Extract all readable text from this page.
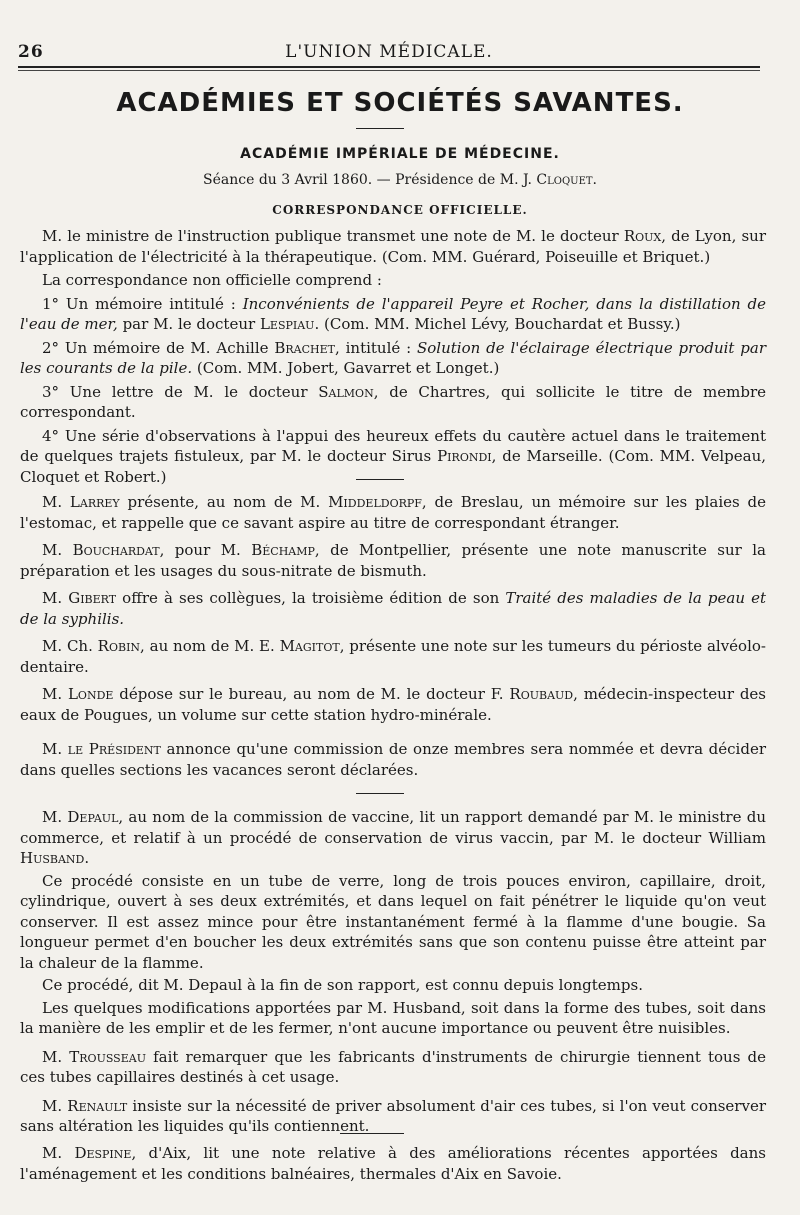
26	L'UNION MÉDICALE.
ACADÉMIES ET SOCIÉTÉS SAVANTES.
ACADÉMIE IMPÉRIALE DE MÉDECINE.
Séance du 3 Avril 1860. — Présidence de M. J. Cloquet.
CORRESPONDANCE OFFICIELLE.

M. le ministre de l'instruction publique transmet une note de M. le docteur Roux, de Lyon, sur l'application de l'électricité à la thérapeutique. (Com. MM. Guérard, Poiseuille et Briquet.)

La correspondance non officielle comprend :

1° Un mémoire intitulé : Inconvénients de l'appareil Peyre et Rocher, dans la distillation de l'eau de mer, par M. le docteur Lespiau. (Com. MM. Michel Lévy, Bouchardat et Bussy.)

2° Un mémoire de M. Achille Brachet, intitulé : Solution de l'éclairage électrique produit par les courants de la pile. (Com. MM. Jobert, Gavarret et Longet.)

3° Une lettre de M. le docteur Salmon, de Chartres, qui sollicite le titre de membre correspondant.

4° Une série d'observations à l'appui des heureux effets du cautère actuel dans le traitement de quelques trajets fistuleux, par M. le docteur Sirus Pirondi, de Marseille. (Com. MM. Velpeau, Cloquet et Robert.)

M. Larrey présente, au nom de M. Middeldorpf, de Breslau, un mémoire sur les plaies de l'estomac, et rappelle que ce savant aspire au titre de correspondant étranger.

M. Bouchardat, pour M. Béchamp, de Montpellier, présente une note manuscrite sur la préparation et les usages du sous-nitrate de bismuth.

M. Gibert offre à ses collègues, la troisième édition de son Traité des maladies de la peau et de la syphilis.

M. Ch. Robin, au nom de M. E. Magitot, présente une note sur les tumeurs du périoste alvéolo-dentaire.

M. Londe dépose sur le bureau, au nom de M. le docteur F. Roubaud, médecin-inspecteur des eaux de Pougues, un volume sur cette station hydro-minérale.

M. le Président annonce qu'une commission de onze membres sera nommée et devra décider dans quelles sections les vacances seront déclarées.

M. Depaul, au nom de la commission de vaccine, lit un rapport demandé par M. le ministre du commerce, et relatif à un procédé de conservation de virus vaccin, par M. le docteur William Husband.

Ce procédé consiste en un tube de verre, long de trois pouces environ, capillaire, droit, cylindrique, ouvert à ses deux extrémités, et dans lequel on fait pénétrer le liquide qu'on veut conserver. Il est assez mince pour être instantanément fermé à la flamme d'une bougie. Sa longueur permet d'en boucher les deux extrémités sans que son contenu puisse être atteint par la chaleur de la flamme.

Ce procédé, dit M. Depaul à la fin de son rapport, est connu depuis longtemps.

Les quelques modifications apportées par M. Husband, soit dans la forme des tubes, soit dans la manière de les emplir et de les fermer, n'ont aucune importance ou peuvent être nuisibles.

M. Trousseau fait remarquer que les fabricants d'instruments de chirurgie tiennent tous de ces tubes capillaires destinés à cet usage.

M. Renault insiste sur la nécessité de priver absolument d'air ces tubes, si l'on veut conserver sans altération les liquides qu'ils contiennent.

M. Despine, d'Aix, lit une note relative à des améliorations récentes apportées dans l'aménagement et les conditions balnéaires, thermales d'Aix en Savoie.
